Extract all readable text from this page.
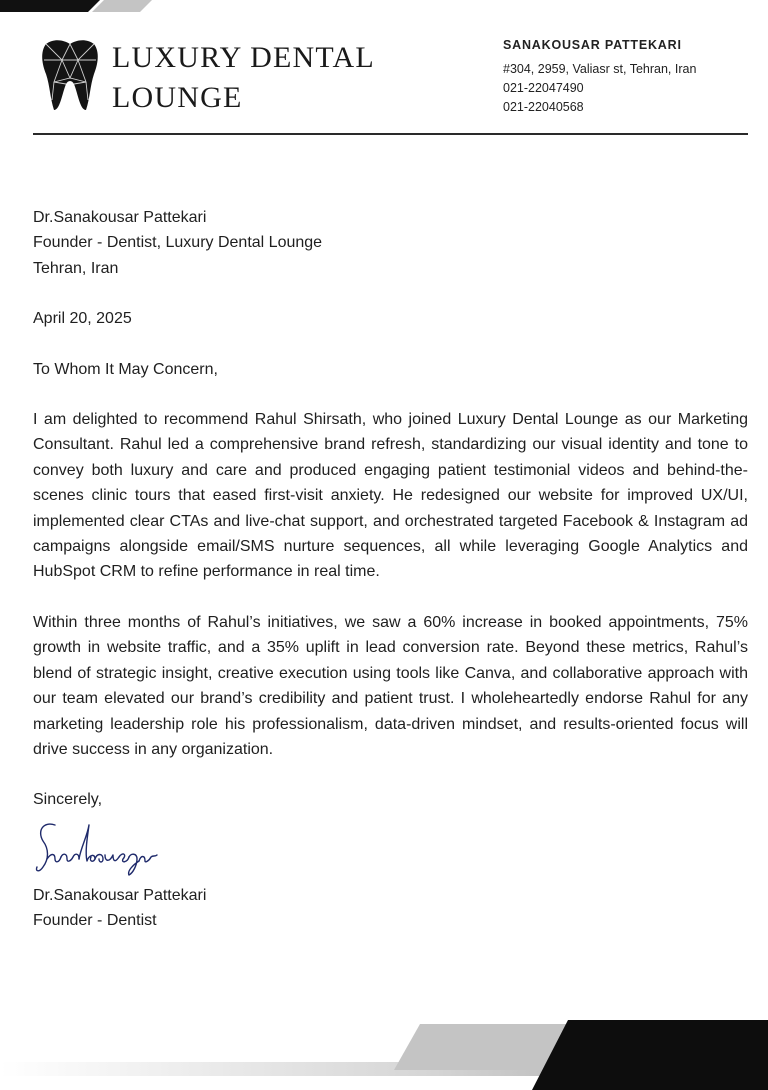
LUXURY DENTAL
LOUNGE
SANAKOUSAR PATTEKARI
#304, 2959, Valiasr st, Tehran, Iran
021-22047490
021-22040568

Dr.Sanakousar Pattekari

Founder - Dentist, Luxury Dental Lounge

Tehran, Iran

April 20, 2025

To Whom It May Concern,

I am delighted to recommend Rahul Shirsath, who joined Luxury Dental Lounge as our Marketing Consultant. Rahul led a comprehensive brand refresh, standardizing our visual identity and tone to convey both luxury and care and produced engaging patient testimonial videos and behind-the-scenes clinic tours that eased first-visit anxiety. He redesigned our website for improved UX/UI, implemented clear CTAs and live-chat support, and orchestrated targeted Facebook & Instagram ad campaigns alongside email/SMS nurture sequences, all while leveraging Google Analytics and HubSpot CRM to refine performance in real time.

Within three months of Rahul’s initiatives, we saw a 60% increase in booked appointments, 75% growth in website traffic, and a 35% uplift in lead conversion rate. Beyond these metrics, Rahul’s blend of strategic insight, creative execution using tools like Canva, and collaborative approach with our team elevated our brand’s credibility and patient trust. I wholeheartedly endorse Rahul for any marketing leadership role his professionalism, data-driven mindset, and results-oriented focus will drive success in any organization.

Sincerely,

Dr.Sanakousar Pattekari

Founder - Dentist
